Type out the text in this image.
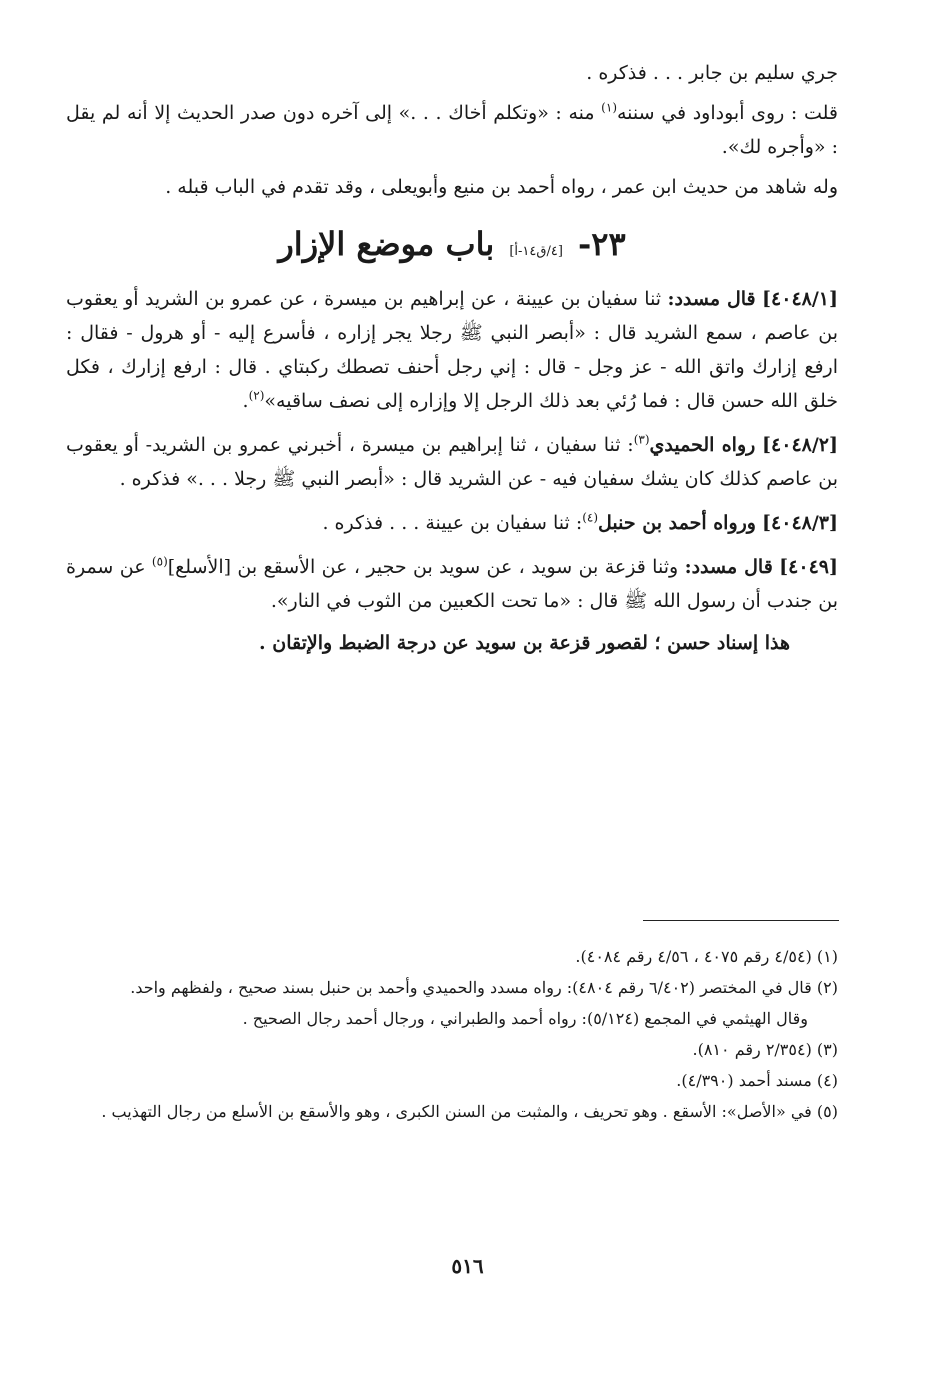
جري سليم بن جابر . . . فذكره .

قلت : روى أبوداود في سننه$^{(١)}$ منه : «وتكلم أخاك . . .» إلى آخره دون صدر الحديث إلا أنه لم يقل : «وأجره لك».

وله شاهد من حديث ابن عمر ، رواه أحمد بن منيع وأبويعلى ، وقد تقدم في الباب قبله .

٢٣- [٤/ق١٤-أ] باب موضع الإزار

[٤٠٤٨/١] قال مسدد: ثنا سفيان بن عيينة ، عن إبراهيم بن ميسرة ، عن عمرو بن الشريد أو يعقوب بن عاصم ، سمع الشريد قال : «أبصر النبي ﷺ رجلا يجر إزاره ، فأسرع إليه - أو هرول - فقال : ارفع إزارك واتق الله - عز وجل - قال : إني رجل أحنف تصطك ركبتاي . قال : ارفع إزارك ، فكل خلق الله حسن قال : فما رُئي بعد ذلك الرجل إلا وإزاره إلى نصف ساقيه»$^{(٢)}$.

[٤٠٤٨/٢] رواه الحميدي$^{(٣)}$: ثنا سفيان ، ثنا إبراهيم بن ميسرة ، أخبرني عمرو بن الشريد- أو يعقوب بن عاصم كذلك كان يشك سفيان فيه - عن الشريد قال : «أبصر النبي ﷺ رجلا . . .» فذكره .

[٤٠٤٨/٣] ورواه أحمد بن حنبل$^{(٤)}$: ثنا سفيان بن عيينة . . . فذكره .

[٤٠٤٩] قال مسدد: وثنا قزعة بن سويد ، عن سويد بن حجير ، عن الأسقع بن [الأسلع]$^{(٥)}$ عن سمرة بن جندب أن رسول الله ﷺ قال : «ما تحت الكعبين من الثوب في النار».

هذا إسناد حسن ؛ لقصور قزعة بن سويد عن درجة الضبط والإتقان .

(١) (٤/٥٤ رقم ٤٠٧٥ ، ٤/٥٦ رقم ٤٠٨٤).

(٢) قال في المختصر (٦/٤٠٢ رقم ٤٨٠٤): رواه مسدد والحميدي وأحمد بن حنبل بسند صحيح ، ولفظهم واحد.

وقال الهيثمي في المجمع (٥/١٢٤): رواه أحمد والطبراني ، ورجال أحمد رجال الصحيح .

(٣) (٢/٣٥٤ رقم ٨١٠).

(٤) مسند أحمد (٤/٣٩٠).

(٥) في «الأصل»: الأسقع . وهو تحريف ، والمثبت من السنن الكبرى ، وهو والأسقع بن الأسلع من رجال التهذيب .

٥١٦
